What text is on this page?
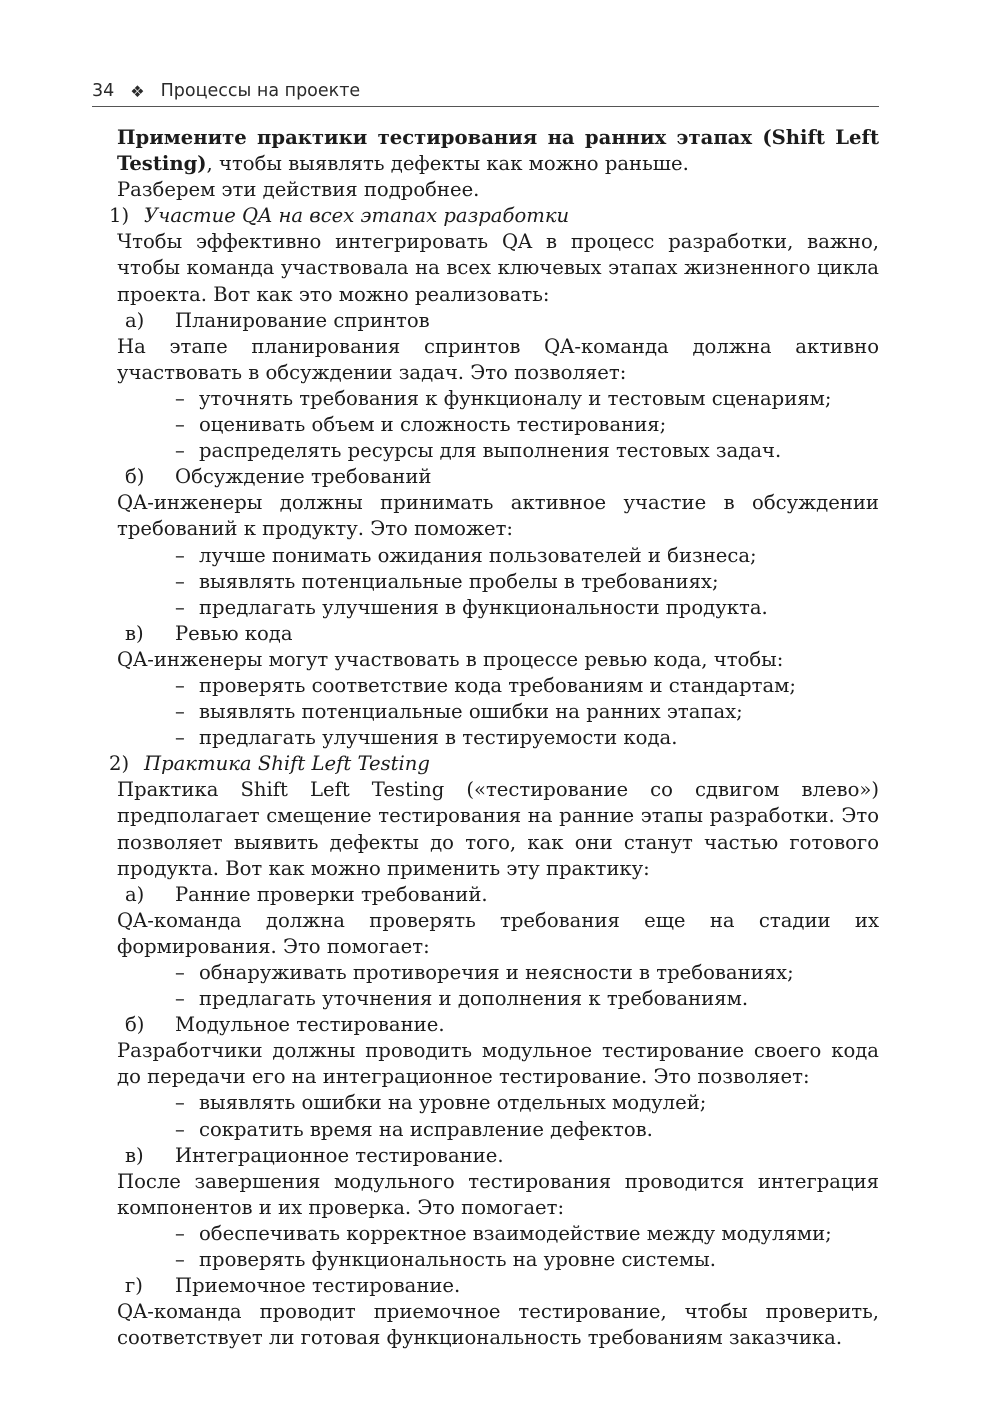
34 ❖ Процессы на проекте

Примените практики тестирования на ранних этапах (Shift Left Testing), чтобы выявлять дефекты как можно раньше.

Разберем эти действия подробнее.

1) Участие QA на всех этапах разработки

Чтобы эффективно интегрировать QA в процесс разработки, важно, чтобы команда участвовала на всех ключевых этапах жизненного цикла проекта. Вот как это можно реализовать:

а)	Планирование спринтов

На этапе планирования спринтов QA-команда должна активно участвовать в обсуждении задач. Это позволяет:

– уточнять требования к функционалу и тестовым сценариям;
– оценивать объем и сложность тестирования;
– распределять ресурсы для выполнения тестовых задач.
б)	Обсуждение требований

QA-инженеры должны принимать активное участие в обсуждении требований к продукту. Это поможет:

– лучше понимать ожидания пользователей и бизнеса;
– выявлять потенциальные пробелы в требованиях;
– предлагать улучшения в функциональности продукта.
в)	Ревью кода

QA-инженеры могут участвовать в процессе ревью кода, чтобы:

– проверять соответствие кода требованиям и стандартам;
– выявлять потенциальные ошибки на ранних этапах;
– предлагать улучшения в тестируемости кода.
2) Практика Shift Left Testing

Практика Shift Left Testing («тестирование со сдвигом влево») предполагает смещение тестирования на ранние этапы разработки. Это позволяет выявить дефекты до того, как они станут частью готового продукта. Вот как можно применить эту практику:

а)	Ранние проверки требований.

QA-команда должна проверять требования еще на стадии их формирования. Это помогает:

– обнаруживать противоречия и неясности в требованиях;
– предлагать уточнения и дополнения к требованиям.
б)	Модульное тестирование.

Разработчики должны проводить модульное тестирование своего кода до передачи его на интеграционное тестирование. Это позволяет:

– выявлять ошибки на уровне отдельных модулей;
– сократить время на исправление дефектов.
в)	Интеграционное тестирование.

После завершения модульного тестирования проводится интеграция компонентов и их проверка. Это помогает:

– обеспечивать корректное взаимодействие между модулями;
– проверять функциональность на уровне системы.
г)	Приемочное тестирование.

QA-команда проводит приемочное тестирование, чтобы проверить, соответствует ли готовая функциональность требованиям заказчика.
